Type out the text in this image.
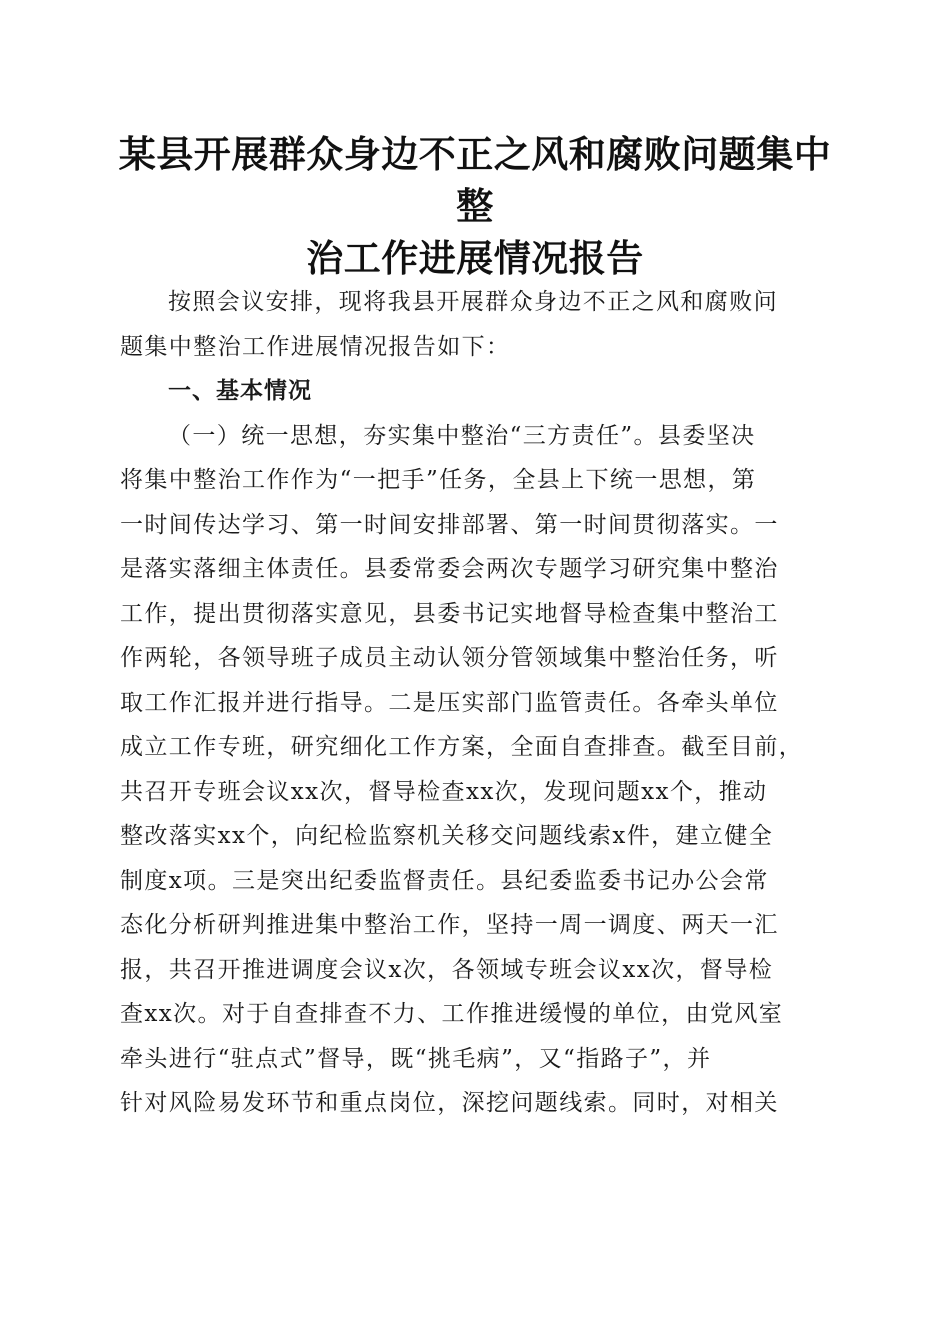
某县开展群众身边不正之风和腐败问题集中整
治工作进展情况报告
按照会议安排，现将我县开展群众身边不正之风和腐败问
题集中整治工作进展情况报告如下：
一、基本情况
（一）统一思想，夯实集中整治“三方责任”。县委坚决
将集中整治工作作为“一把手”任务，全县上下统一思想，第
一时间传达学习、第一时间安排部署、第一时间贯彻落实。一
是落实落细主体责任。县委常委会两次专题学习研究集中整治
工作，提出贯彻落实意见，县委书记实地督导检查集中整治工
作两轮，各领导班子成员主动认领分管领域集中整治任务，听
取工作汇报并进行指导。二是压实部门监管责任。各牵头单位
成立工作专班，研究细化工作方案，全面自查排查。截至目前，
共召开专班会议xx次，督导检查xx次，发现问题xx个，推动
整改落实xx个，向纪检监察机关移交问题线索x件，建立健全
制度x项。三是突出纪委监督责任。县纪委监委书记办公会常
态化分析研判推进集中整治工作，坚持一周一调度、两天一汇
报，共召开推进调度会议x次，各领域专班会议xx次，督导检
查xx次。对于自查排查不力、工作推进缓慢的单位，由党风室
牵头进行“驻点式”督导，既“挑毛病”，又“指路子”，并
针对风险易发环节和重点岗位，深挖问题线索。同时，对相关
